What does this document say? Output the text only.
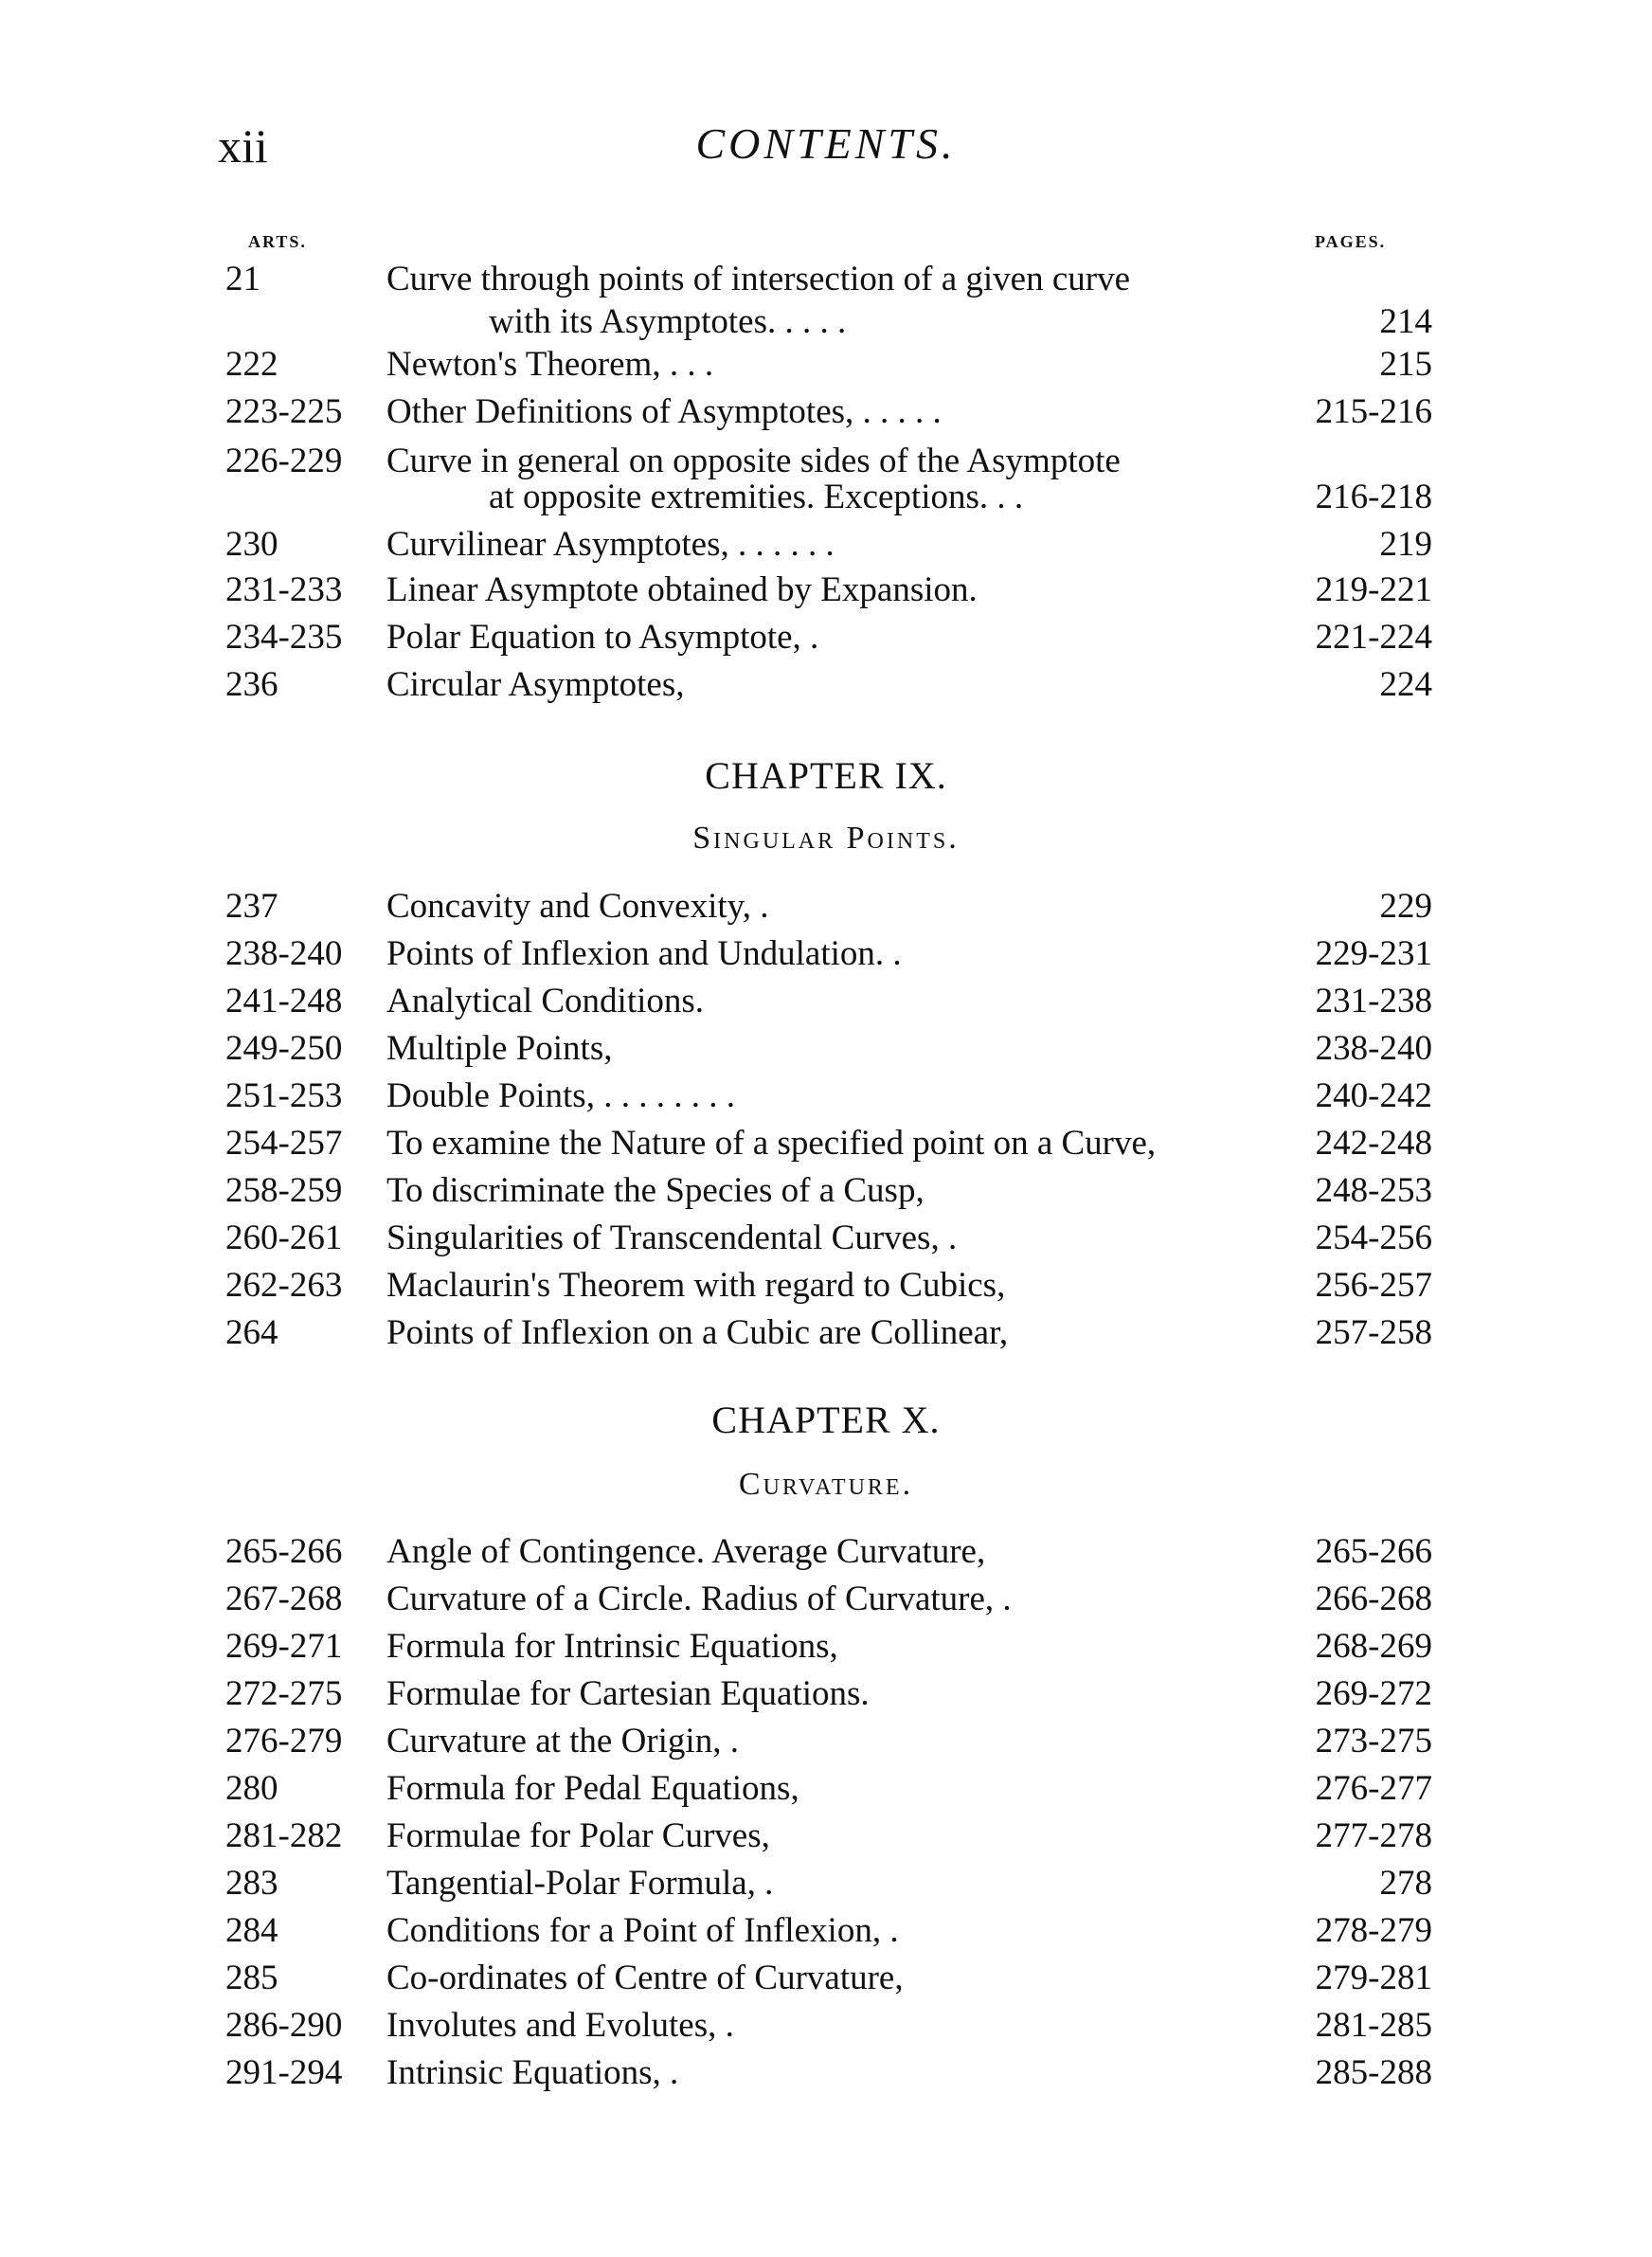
xii	CONTENTS.
ARTS.	PAGES.
21	Curve through points of intersection of a given curve
with its Asymptotes. . . . .	214
222	Newton's Theorem, . . .	215
223-225	Other Definitions of Asymptotes, . . . . .	215-216
226-229	Curve in general on opposite sides of the Asymptote
at opposite extremities. Exceptions. . .	216-218
230	Curvilinear Asymptotes, . . . . . .	219
231-233	Linear Asymptote obtained by Expansion.	219-221
234-235	Polar Equation to Asymptote, .	221-224
236	Circular Asymptotes,	224
CHAPTER IX.
Singular Points.
237	Concavity and Convexity, .	229
238-240	Points of Inflexion and Undulation. .	229-231
241-248	Analytical Conditions.	231-238
249-250	Multiple Points,	238-240
251-253	Double Points, . . . . . . . .	240-242
254-257	To examine the Nature of a specified point on a Curve,	242-248
258-259	To discriminate the Species of a Cusp,	248-253
260-261	Singularities of Transcendental Curves, .	254-256
262-263	Maclaurin's Theorem with regard to Cubics,	256-257
264	Points of Inflexion on a Cubic are Collinear,	257-258
CHAPTER X.
Curvature.
265-266	Angle of Contingence. Average Curvature,	265-266
267-268	Curvature of a Circle. Radius of Curvature, .	266-268
269-271	Formula for Intrinsic Equations,	268-269
272-275	Formulae for Cartesian Equations.	269-272
276-279	Curvature at the Origin, .	273-275
280	Formula for Pedal Equations,	276-277
281-282	Formulae for Polar Curves,	277-278
283	Tangential-Polar Formula, .	278
284	Conditions for a Point of Inflexion, .	278-279
285	Co-ordinates of Centre of Curvature,	279-281
286-290	Involutes and Evolutes, .	281-285
291-294	Intrinsic Equations, .	285-288
